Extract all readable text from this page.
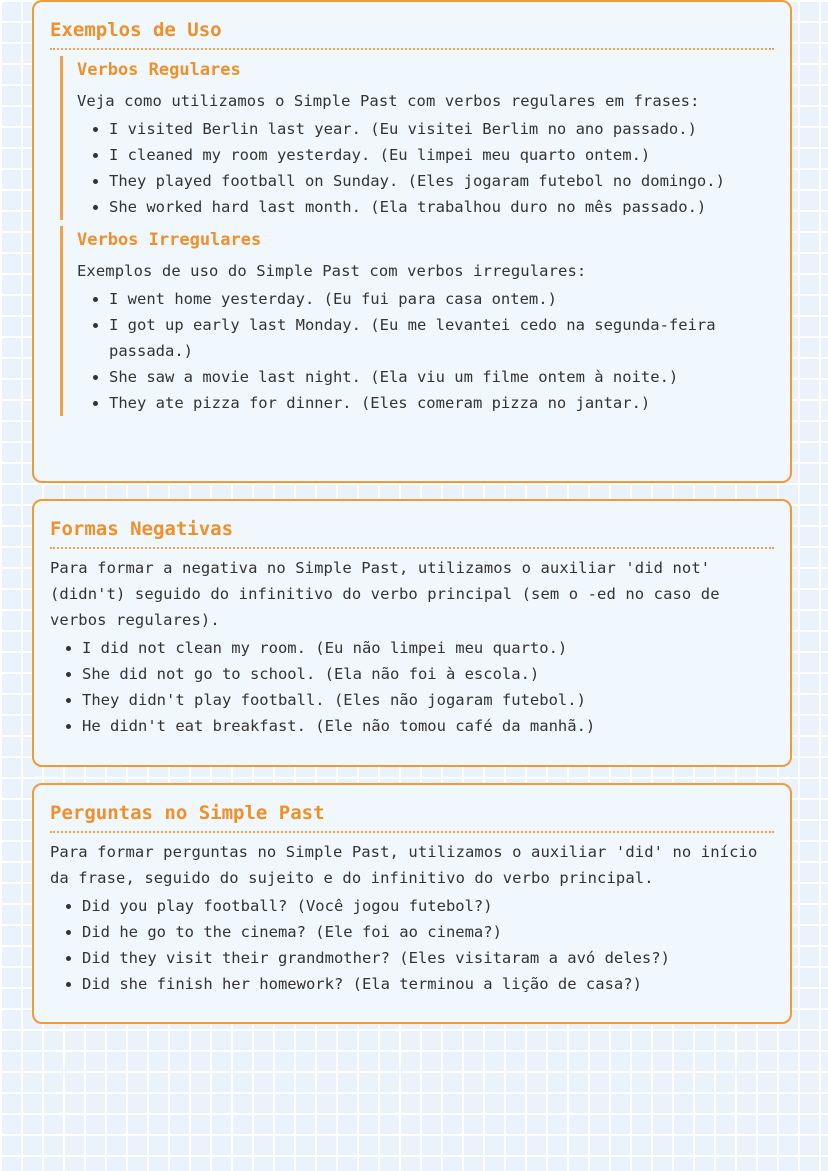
Exemplos de Uso
Verbos Regulares

Veja como utilizamos o Simple Past com verbos regulares em frases:

• I visited Berlin last year. (Eu visitei Berlim no ano passado.)
• I cleaned my room yesterday. (Eu limpei meu quarto ontem.)
• They played football on Sunday. (Eles jogaram futebol no domingo.)
• She worked hard last month. (Ela trabalhou duro no mês passado.)
Verbos Irregulares

Exemplos de uso do Simple Past com verbos irregulares:

• I went home yesterday. (Eu fui para casa ontem.)
• I got up early last Monday. (Eu me levantei cedo na segunda-feira passada.)
• She saw a movie last night. (Ela viu um filme ontem à noite.)
• They ate pizza for dinner. (Eles comeram pizza no jantar.)
Formas Negativas

Para formar a negativa no Simple Past, utilizamos o auxiliar 'did not' (didn't) seguido do infinitivo do verbo principal (sem o -ed no caso de verbos regulares).

• I did not clean my room. (Eu não limpei meu quarto.)
• She did not go to school. (Ela não foi à escola.)
• They didn't play football. (Eles não jogaram futebol.)
• He didn't eat breakfast. (Ele não tomou café da manhã.)
Perguntas no Simple Past

Para formar perguntas no Simple Past, utilizamos o auxiliar 'did' no início da frase, seguido do sujeito e do infinitivo do verbo principal.

• Did you play football? (Você jogou futebol?)
• Did he go to the cinema? (Ele foi ao cinema?)
• Did they visit their grandmother? (Eles visitaram a avó deles?)
• Did she finish her homework? (Ela terminou a lição de casa?)
